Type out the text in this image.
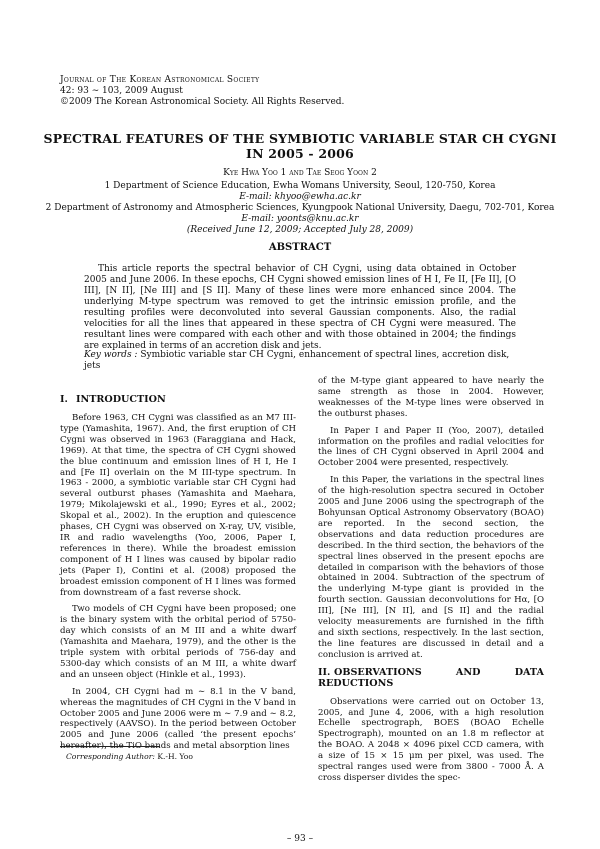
Journal of The Korean Astronomical Society
42: 93 ∼ 103, 2009 August
©2009 The Korean Astronomical Society. All Rights Reserved.
SPECTRAL FEATURES OF THE SYMBIOTIC VARIABLE STAR CH CYGNI
IN 2005 - 2006
Kye Hwa Yoo 1 and Tae Seog Yoon 2
1 Department of Science Education, Ewha Womans University, Seoul, 120-750, Korea
E-mail: khyoo@ewha.ac.kr
2 Department of Astronomy and Atmospheric Sciences, Kyungpook National University, Daegu, 702-701, Korea
E-mail: yoonts@knu.ac.kr
(Received June 12, 2009; Accepted July 28, 2009)
ABSTRACT
This article reports the spectral behavior of CH Cygni, using data obtained in October 2005 and June 2006. In these epochs, CH Cygni showed emission lines of H I, Fe II, [Fe II], [O III], [N II], [Ne III] and [S II]. Many of these lines were more enhanced since 2004. The underlying M-type spectrum was removed to get the intrinsic emission profile, and the resulting profiles were deconvoluted into several Gaussian components. Also, the radial velocities for all the lines that appeared in these spectra of CH Cygni were measured. The resultant lines were compared with each other and with those obtained in 2004; the findings are explained in terms of an accretion disk and jets.
Key words : Symbiotic variable star CH Cygni, enhancement of spectral lines, accretion disk, jets
I. INTRODUCTION

Before 1963, CH Cygni was classified as an M7 III-type (Yamashita, 1967). And, the first eruption of CH Cygni was observed in 1963 (Faraggiana and Hack, 1969). At that time, the spectra of CH Cygni showed the blue continuum and emission lines of H I, He I and [Fe II] overlain on the M III-type spectrum. In 1963 - 2000, a symbiotic variable star CH Cygni had several outburst phases (Yamashita and Maehara, 1979; Mikolajewski et al., 1990; Eyres et al., 2002; Skopal et al., 2002). In the eruption and quiescence phases, CH Cygni was observed on X-ray, UV, visible, IR and radio wavelengths (Yoo, 2006, Paper I, references in there). While the broadest emission component of H I lines was caused by bipolar radio jets (Paper I), Contini et al. (2008) proposed the broadest emission component of H I lines was formed from downstream of a fast reverse shock.

Two models of CH Cygni have been proposed; one is the binary system with the orbital period of 5750-day which consists of an M III and a white dwarf (Yamashita and Maehara, 1979), and the other is the triple system with orbital periods of 756-day and 5300-day which consists of an M III, a white dwarf and an unseen object (Hinkle et al., 1993).

In 2004, CH Cygni had m ∼ 8.1 in the V band, whereas the magnitudes of CH Cygni in the V band in October 2005 and June 2006 were m ∼ 7.9 and ∼ 8.2, respectively (AAVSO). In the period between October 2005 and June 2006 (called ‘the present epochs’ hereafter), the TiO bands and metal absorption lines

of the M-type giant appeared to have nearly the same strength as those in 2004. However, weaknesses of the M-type lines were observed in the outburst phases.

In Paper I and Paper II (Yoo, 2007), detailed information on the profiles and radial velocities for the lines of CH Cygni observed in April 2004 and October 2004 were presented, respectively.

In this Paper, the variations in the spectral lines of the high-resolution spectra secured in October 2005 and June 2006 using the spectrograph of the Bohyunsan Optical Astronomy Observatory (BOAO) are reported. In the second section, the observations and data reduction procedures are described. In the third section, the behaviors of the spectral lines observed in the present epochs are detailed in comparison with the behaviors of those obtained in 2004. Subtraction of the spectrum of the underlying M-type giant is provided in the fourth section. Gaussian deconvolutions for Hα, [O III], [Ne III], [N II], and [S II] and the radial velocity measurements are furnished in the fifth and sixth sections, respectively. In the last section, the line features are discussed in detail and a conclusion is arrived at.

II. OBSERVATIONS AND DATA REDUCTIONS

Observations were carried out on October 13, 2005, and June 4, 2006, with a high resolution Echelle spectrograph, BOES (BOAO Echelle Spectrograph), mounted on an 1.8 m reflector at the BOAO. A 2048 × 4096 pixel CCD camera, with a size of 15 × 15 μm per pixel, was used. The spectral ranges used were from 3800 - 7000 Å. A cross disperser divides the spec-

Corresponding Author: K.-H. Yoo
– 93 –
